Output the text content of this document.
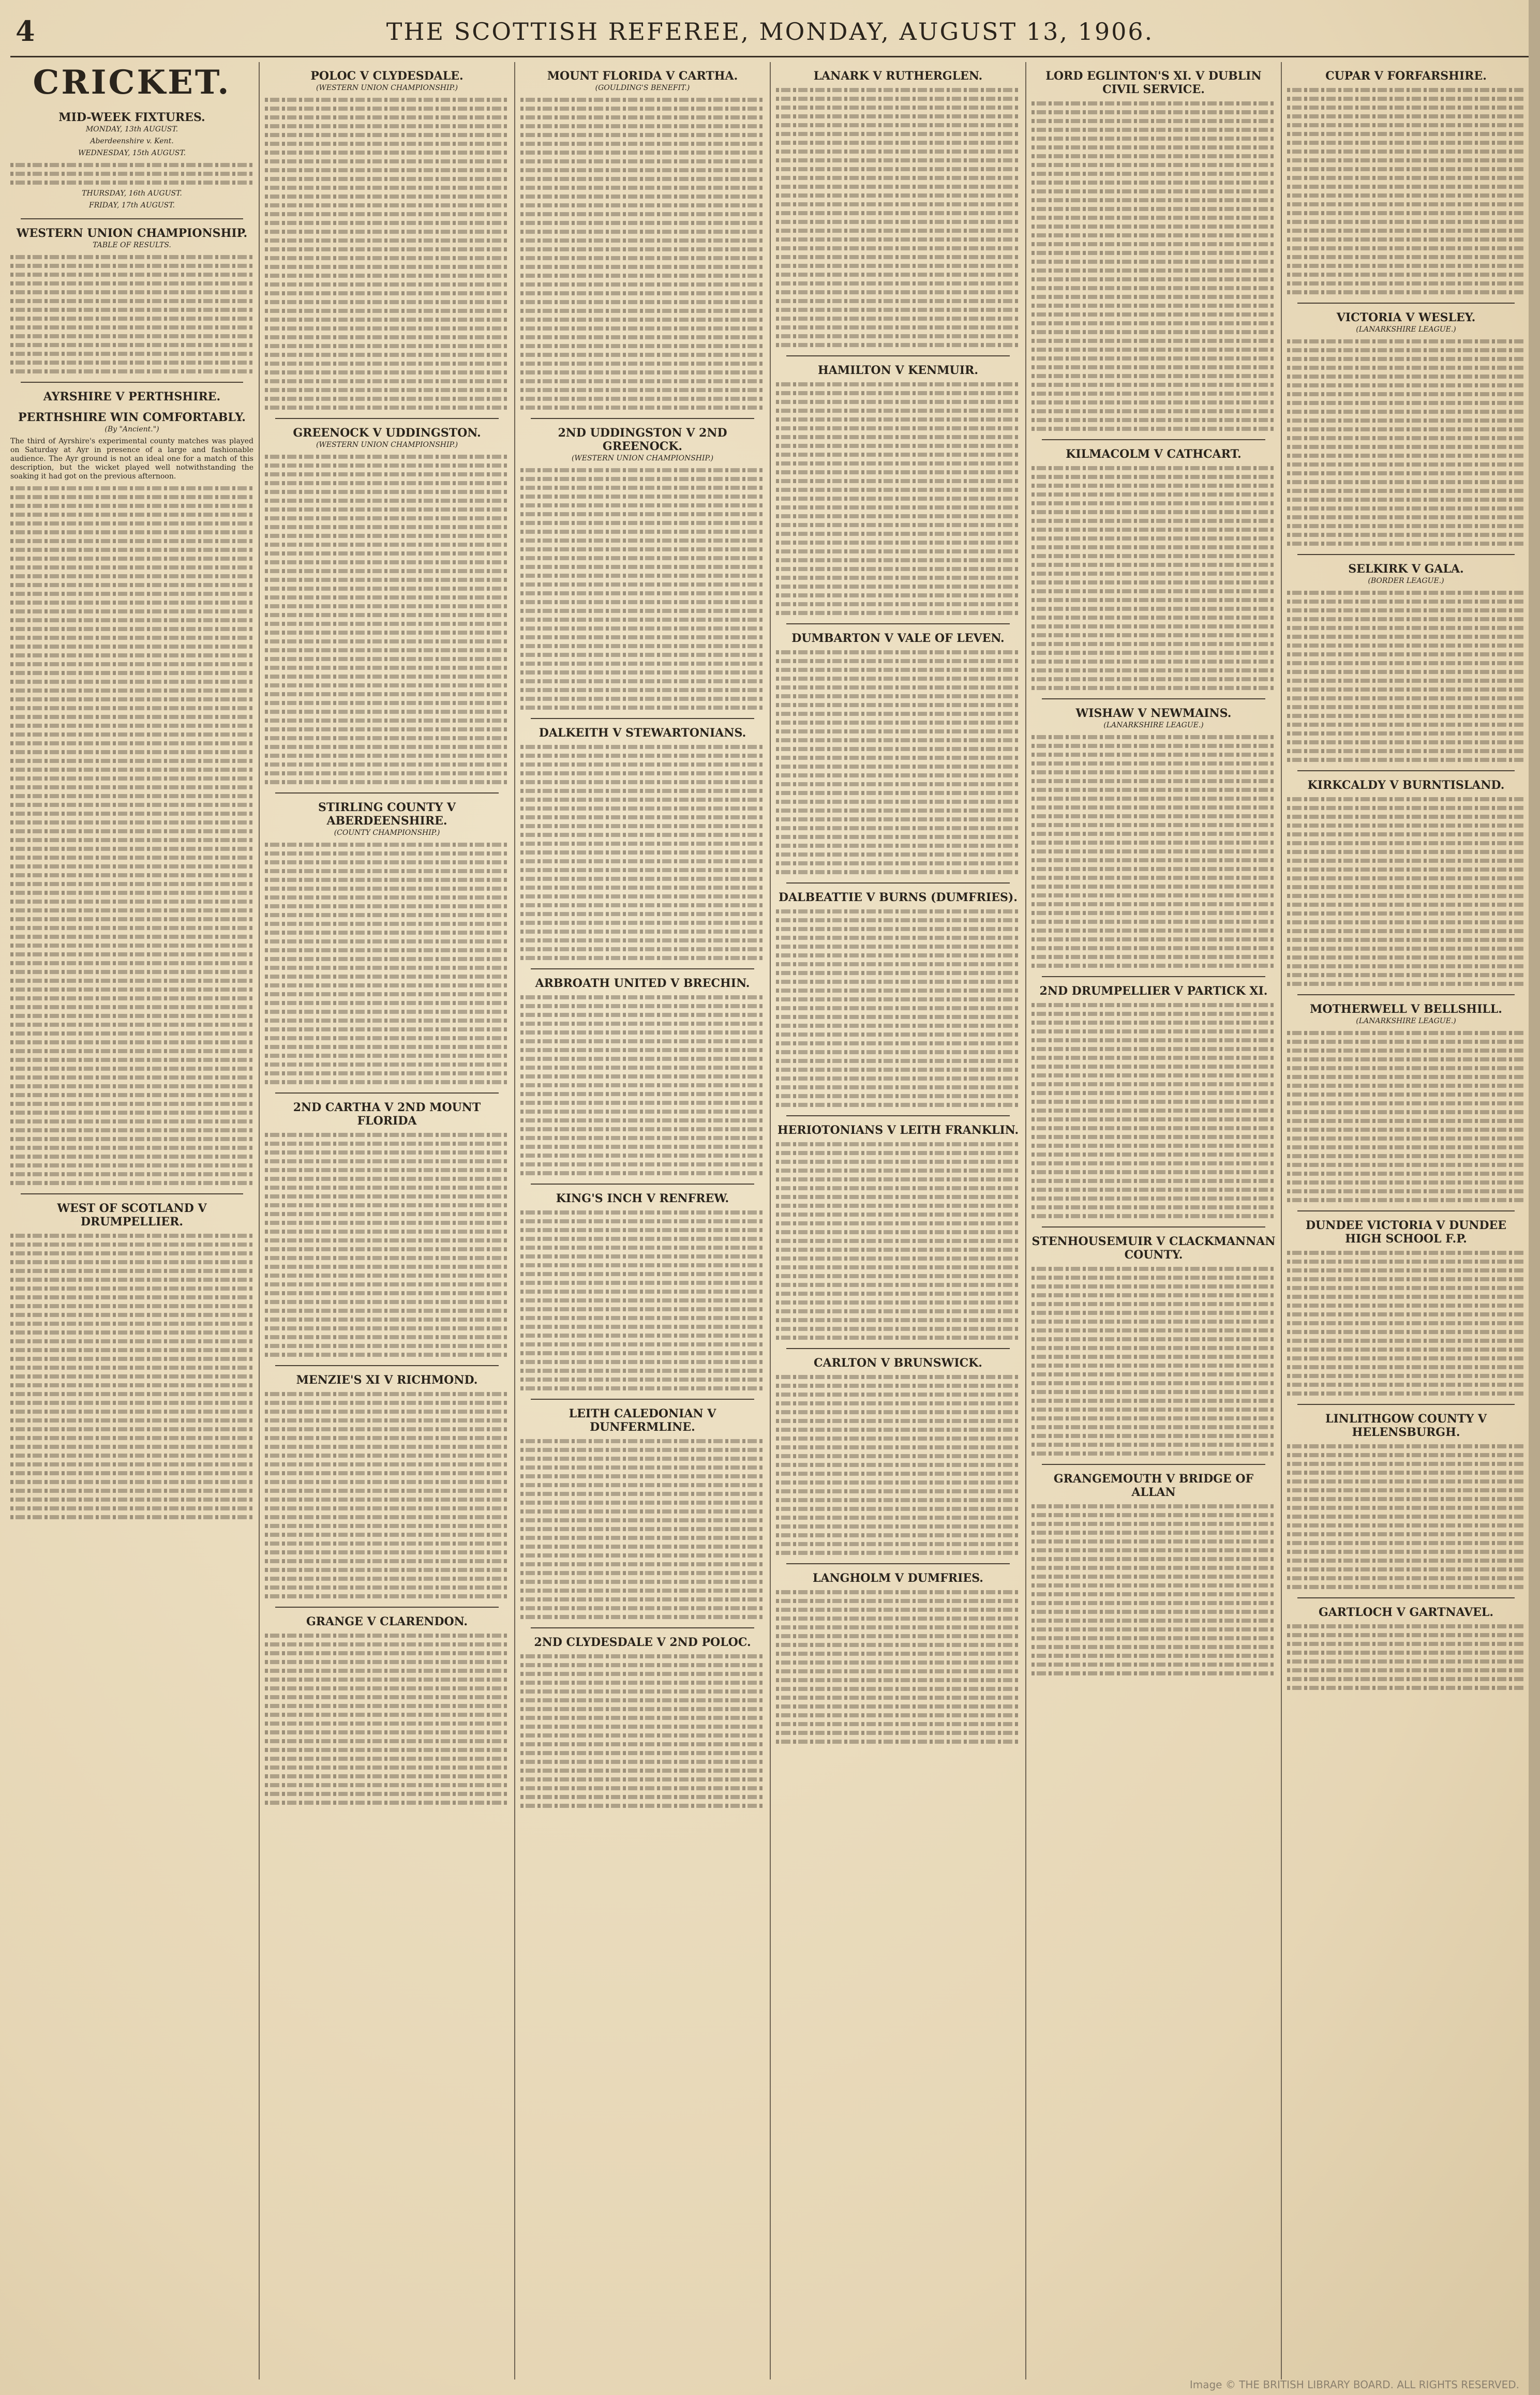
4	THE SCOTTISH REFEREE, MONDAY, AUGUST 13, 1906.
CRICKET.
MID-WEEK FIXTURES.

MONDAY, 13th AUGUST.

Aberdeenshire v. Kent.

WEDNESDAY, 15th AUGUST.

THURSDAY, 16th AUGUST.

FRIDAY, 17th AUGUST.

WESTERN UNION CHAMPIONSHIP.

TABLE OF RESULTS.

AYRSHIRE V PERTHSHIRE.
PERTHSHIRE WIN COMFORTABLY.

(By "Ancient.")

The third of Ayrshire's experimental county matches was played on Saturday at Ayr in presence of a large and fashionable audience. The Ayr ground is not an ideal one for a match of this description, but the wicket played well notwithstanding the soaking it had got on the previous afternoon.

WEST OF SCOTLAND V DRUMPELLIER.
POLOC V CLYDESDALE.

(WESTERN UNION CHAMPIONSHIP.)

GREENOCK V UDDINGSTON.

(WESTERN UNION CHAMPIONSHIP.)

STIRLING COUNTY V ABERDEENSHIRE.

(COUNTY CHAMPIONSHIP.)

2ND CARTHA V 2ND MOUNT FLORIDA
MENZIE'S XI V RICHMOND.
GRANGE V CLARENDON.
MOUNT FLORIDA V CARTHA.

(GOULDING'S BENEFIT.)

2ND UDDINGSTON V 2ND GREENOCK.

(WESTERN UNION CHAMPIONSHIP.)

DALKEITH V STEWARTONIANS.
ARBROATH UNITED V BRECHIN.
KING'S INCH V RENFREW.
LEITH CALEDONIAN V DUNFERMLINE.
2ND CLYDESDALE V 2ND POLOC.
LANARK V RUTHERGLEN.
HAMILTON V KENMUIR.
DUMBARTON V VALE OF LEVEN.
DALBEATTIE V BURNS (DUMFRIES).
HERIOTONIANS V LEITH FRANKLIN.
CARLTON V BRUNSWICK.
LANGHOLM V DUMFRIES.
LORD EGLINTON'S XI. V DUBLIN CIVIL SERVICE.
KILMACOLM V CATHCART.
WISHAW V NEWMAINS.

(LANARKSHIRE LEAGUE.)

2ND DRUMPELLIER V PARTICK XI.
STENHOUSEMUIR V CLACKMANNAN COUNTY.
GRANGEMOUTH V BRIDGE OF ALLAN
CUPAR V FORFARSHIRE.
VICTORIA V WESLEY.

(LANARKSHIRE LEAGUE.)

SELKIRK V GALA.

(BORDER LEAGUE.)

KIRKCALDY V BURNTISLAND.
MOTHERWELL V BELLSHILL.

(LANARKSHIRE LEAGUE.)

DUNDEE VICTORIA V DUNDEE HIGH SCHOOL F.P.
LINLITHGOW COUNTY V HELENSBURGH.
GARTLOCH V GARTNAVEL.
Image © THE BRITISH LIBRARY BOARD. ALL RIGHTS RESERVED.
